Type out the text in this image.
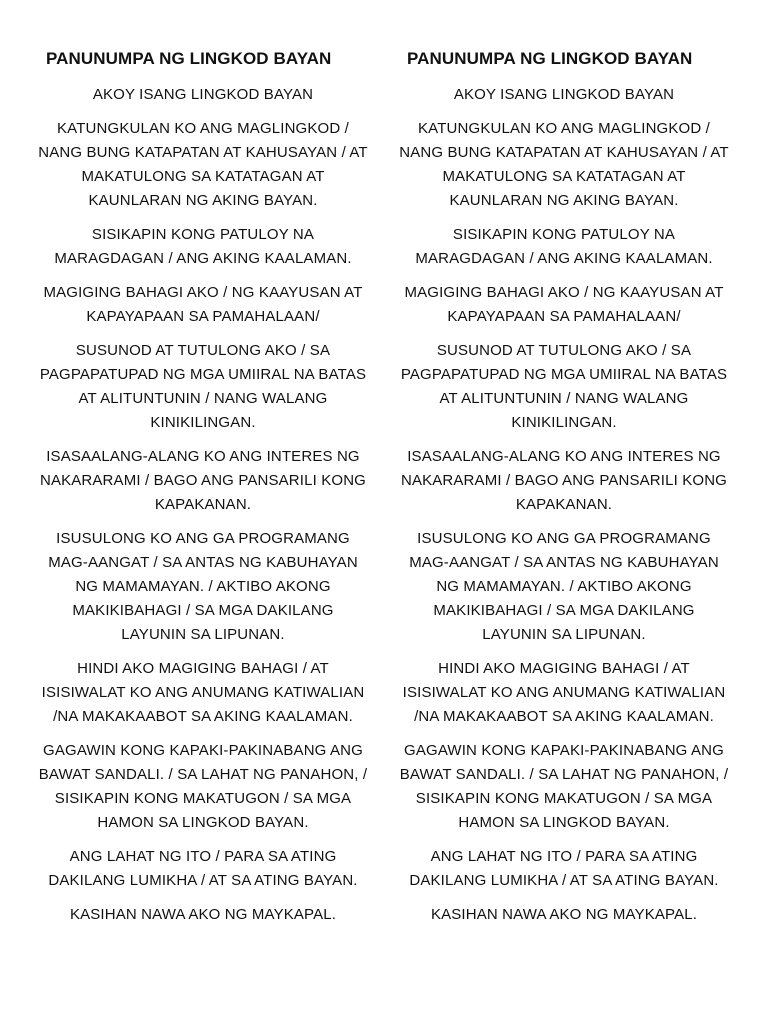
PANUNUMPA NG LINGKOD BAYAN

AKOY ISANG LINGKOD BAYAN

KATUNGKULAN KO ANG MAGLINGKOD / NANG BUNG KATAPATAN AT KAHUSAYAN / AT MAKATULONG SA KATATAGAN AT KAUNLARAN NG AKING BAYAN.

SISIKAPIN KONG PATULOY NA MARAGDAGAN / ANG AKING KAALAMAN.

MAGIGING BAHAGI AKO / NG KAAYUSAN AT KAPAYAPAAN SA PAMAHALAAN/

SUSUNOD AT TUTULONG AKO / SA PAGPAPATUPAD NG MGA UMIIRAL NA BATAS AT ALITUNTUNIN / NANG WALANG KINIKILINGAN.

ISASAALANG-ALANG KO ANG INTERES NG NAKARARAMI / BAGO ANG PANSARILI KONG KAPAKANAN.

ISUSULONG KO ANG GA PROGRAMANG MAG-AANGAT / SA ANTAS NG KABUHAYAN NG MAMAMAYAN. / AKTIBO AKONG MAKIKIBAHAGI / SA MGA DAKILANG LAYUNIN SA LIPUNAN.

HINDI AKO MAGIGING BAHAGI / AT ISISIWALAT KO ANG ANUMANG KATIWALIAN /NA MAKAKAABOT SA AKING KAALAMAN.

GAGAWIN KONG KAPAKI-PAKINABANG ANG BAWAT SANDALI. / SA LAHAT NG PANAHON, / SISIKAPIN KONG MAKATUGON / SA MGA HAMON SA LINGKOD BAYAN.

ANG LAHAT NG ITO / PARA SA ATING DAKILANG LUMIKHA / AT SA ATING BAYAN.

KASIHAN NAWA AKO NG MAYKAPAL.

PANUNUMPA NG LINGKOD BAYAN

AKOY ISANG LINGKOD BAYAN

KATUNGKULAN KO ANG MAGLINGKOD / NANG BUNG KATAPATAN AT KAHUSAYAN / AT MAKATULONG SA KATATAGAN AT KAUNLARAN NG AKING BAYAN.

SISIKAPIN KONG PATULOY NA MARAGDAGAN / ANG AKING KAALAMAN.

MAGIGING BAHAGI AKO / NG KAAYUSAN AT KAPAYAPAAN SA PAMAHALAAN/

SUSUNOD AT TUTULONG AKO / SA PAGPAPATUPAD NG MGA UMIIRAL NA BATAS AT ALITUNTUNIN / NANG WALANG KINIKILINGAN.

ISASAALANG-ALANG KO ANG INTERES NG NAKARARAMI / BAGO ANG PANSARILI KONG KAPAKANAN.

ISUSULONG KO ANG GA PROGRAMANG MAG-AANGAT / SA ANTAS NG KABUHAYAN NG MAMAMAYAN. / AKTIBO AKONG MAKIKIBAHAGI / SA MGA DAKILANG LAYUNIN SA LIPUNAN.

HINDI AKO MAGIGING BAHAGI / AT ISISIWALAT KO ANG ANUMANG KATIWALIAN /NA MAKAKAABOT SA AKING KAALAMAN.

GAGAWIN KONG KAPAKI-PAKINABANG ANG BAWAT SANDALI. / SA LAHAT NG PANAHON, / SISIKAPIN KONG MAKATUGON / SA MGA HAMON SA LINGKOD BAYAN.

ANG LAHAT NG ITO / PARA SA ATING DAKILANG LUMIKHA / AT SA ATING BAYAN.

KASIHAN NAWA AKO NG MAYKAPAL.
